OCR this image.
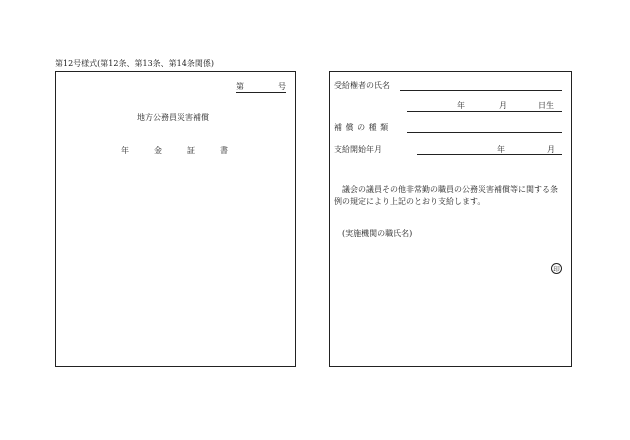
第12号様式(第12条、第13条、第14条関係)
第	号
地方公務員災害補償
年	金	証	書
受給権者の氏名
年	月	日生
補 償 の 種 類
支給開始年月	年	月
議会の議員その他非常勤の職員の公務災害補償等に関する条
例の規定により上記のとおり支給します。
(実施機関の職氏名)
印
